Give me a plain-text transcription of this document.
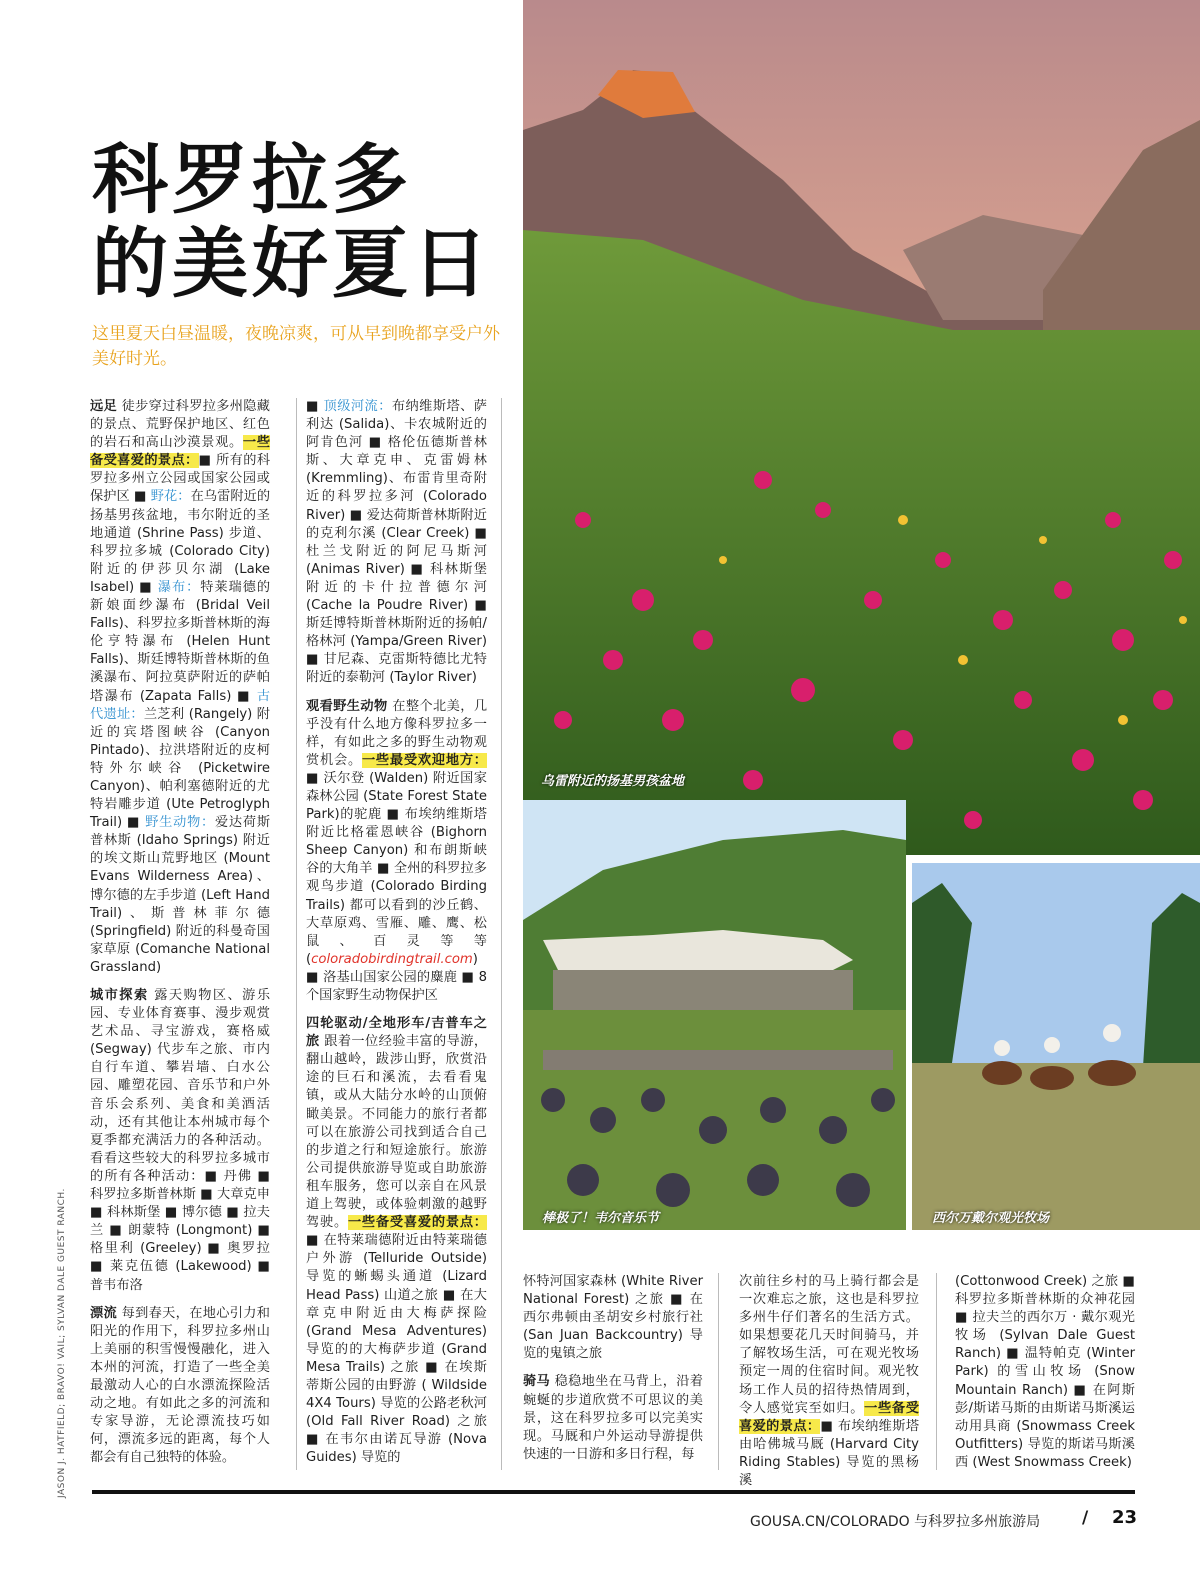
科罗拉多
的美好夏日
这里夏天白昼温暖，夜晚凉爽，可从早到晚都享受户外美好时光。
乌雷附近的扬基男孩盆地
棒极了！韦尔音乐节	西尔万戴尔观光牧场

远足 徒步穿过科罗拉多州隐藏的景点、荒野保护地区、红色的岩石和高山沙漠景观。一些备受喜爱的景点：■ 所有的科罗拉多州立公园或国家公园或保护区 ■ 野花：在乌雷附近的扬基男孩盆地，韦尔附近的圣地通道 (Shrine Pass) 步道、科罗拉多城 (Colorado City) 附近的伊莎贝尔湖 (Lake Isabel) ■ 瀑布：特莱瑞德的新娘面纱瀑布 (Bridal Veil Falls)、科罗拉多斯普林斯的海伦亨特瀑布 (Helen Hunt Falls)、斯廷博特斯普林斯的鱼溪瀑布、阿拉莫萨附近的萨帕塔瀑布 (Zapata Falls) ■ 古代遗址：兰芝利 (Rangely) 附近的宾塔图峡谷 (Canyon Pintado)、拉洪塔附近的皮柯特外尔峡谷 (Picketwire Canyon)、帕利塞德附近的尤特岩雕步道 (Ute Petroglyph Trail) ■ 野生动物：爱达荷斯普林斯 (Idaho Springs) 附近的埃文斯山荒野地区 (Mount Evans Wilderness Area)、博尔德的左手步道 (Left Hand Trail)、斯普林菲尔德 (Springfield) 附近的科曼奇国家草原 (Comanche National Grassland)

城市探索 露天购物区、游乐园、专业体育赛事、漫步观赏艺术品、寻宝游戏，赛格威 (Segway) 代步车之旅、市内自行车道、攀岩墙、白水公园、雕塑花园、音乐节和户外音乐会系列、美食和美酒活动，还有其他让本州城市每个夏季都充满活力的各种活动。看看这些较大的科罗拉多城市的所有各种活动：■ 丹佛 ■ 科罗拉多斯普林斯 ■ 大章克申 ■ 科林斯堡 ■ 博尔德 ■ 拉夫兰 ■ 朗蒙特 (Longmont) ■ 格里利 (Greeley) ■ 奥罗拉 ■ 莱克伍德 (Lakewood) ■ 普韦布洛

漂流 每到春天，在地心引力和阳光的作用下，科罗拉多州山上美丽的积雪慢慢融化，进入本州的河流，打造了一些全美最激动人心的白水漂流探险活动之地。有如此之多的河流和专家导游，无论漂流技巧如何，漂流多远的距离，每个人都会有自己独特的体验。

■ 顶级河流：布纳维斯塔、萨利达 (Salida)、卡农城附近的阿肯色河 ■ 格伦伍德斯普林斯、大章克申、克雷姆林 (Kremmling)、布雷肯里奇附近的科罗拉多河 (Colorado River) ■ 爱达荷斯普林斯附近的克利尔溪 (Clear Creek) ■ 杜兰戈附近的阿尼马斯河 (Animas River) ■ 科林斯堡附近的卡什拉普德尔河 (Cache la Poudre River) ■ 斯廷博特斯普林斯附近的扬帕/格林河 (Yampa/Green River) ■ 甘尼森、克雷斯特德比尤特附近的泰勒河 (Taylor River)

观看野生动物 在整个北美，几乎没有什么地方像科罗拉多一样，有如此之多的野生动物观赏机会。一些最受欢迎地方：■ 沃尔登 (Walden) 附近国家森林公园 (State Forest State Park)的驼鹿 ■ 布埃纳维斯塔附近比格霍恩峡谷 (Bighorn Sheep Canyon) 和布朗斯峡谷的大角羊 ■ 全州的科罗拉多观鸟步道 (Colorado Birding Trails) 都可以看到的沙丘鹤、大草原鸡、雪雁、雕、鹰、松鼠、百灵等等 (coloradobirdingtrail.com) ■ 洛基山国家公园的麋鹿 ■ 8 个国家野生动物保护区

四轮驱动/全地形车/吉普车之旅 跟着一位经验丰富的导游，翻山越岭，跋涉山野，欣赏沿途的巨石和溪流，去看看鬼镇，或从大陆分水岭的山顶俯瞰美景。不同能力的旅行者都可以在旅游公司找到适合自己的步道之行和短途旅行。旅游公司提供旅游导览或自助旅游租车服务，您可以亲自在风景道上驾驶，或体验刺激的越野驾驶。一些备受喜爱的景点：■ 在特莱瑞德附近由特莱瑞德户外游 (Telluride Outside) 导览的蜥蜴头通道 (Lizard Head Pass) 山道之旅 ■ 在大章克申附近由大梅萨探险 (Grand Mesa Adventures) 导览的的大梅萨步道 (Grand Mesa Trails) 之旅 ■ 在埃斯蒂斯公园的由野游 ( Wildside 4X4 Tours) 导览的公路老秋河 (Old Fall River Road) 之旅 ■ 在韦尔由诺瓦导游 (Nova Guides) 导览的

怀特河国家森林 (White River National Forest) 之旅 ■ 在西尔弗顿由圣胡安乡村旅行社 (San Juan Backcountry) 导览的鬼镇之旅

骑马 稳稳地坐在马背上，沿着蜿蜒的步道欣赏不可思议的美景，这在科罗拉多可以完美实现。马厩和户外运动导游提供快速的一日游和多日行程，每

次前往乡村的马上骑行都会是一次难忘之旅，这也是科罗拉多州牛仔们著名的生活方式。如果想要花几天时间骑马，并了解牧场生活，可在观光牧场预定一周的住宿时间。观光牧场工作人员的招待热情周到，令人感觉宾至如归。一些备受喜爱的景点：■ 布埃纳维斯塔由哈佛城马厩 (Harvard City Riding Stables) 导览的黑杨溪

(Cottonwood Creek) 之旅 ■ 科罗拉多斯普林斯的众神花园 ■ 拉夫兰的西尔万 · 戴尔观光牧场 (Sylvan Dale Guest Ranch) ■ 温特帕克 (Winter Park) 的雪山牧场 (Snow Mountain Ranch) ■ 在阿斯彭/斯诺马斯的由斯诺马斯溪运动用具商 (Snowmass Creek Outfitters) 导览的斯诺马斯溪西 (West Snowmass Creek)

JASON J. HATFIELD; BRAVO! VAIL; SYLVAN DALE GUEST RANCH.
GOUSA.CN/COLORADO 与科罗拉多州旅游局 / 23
